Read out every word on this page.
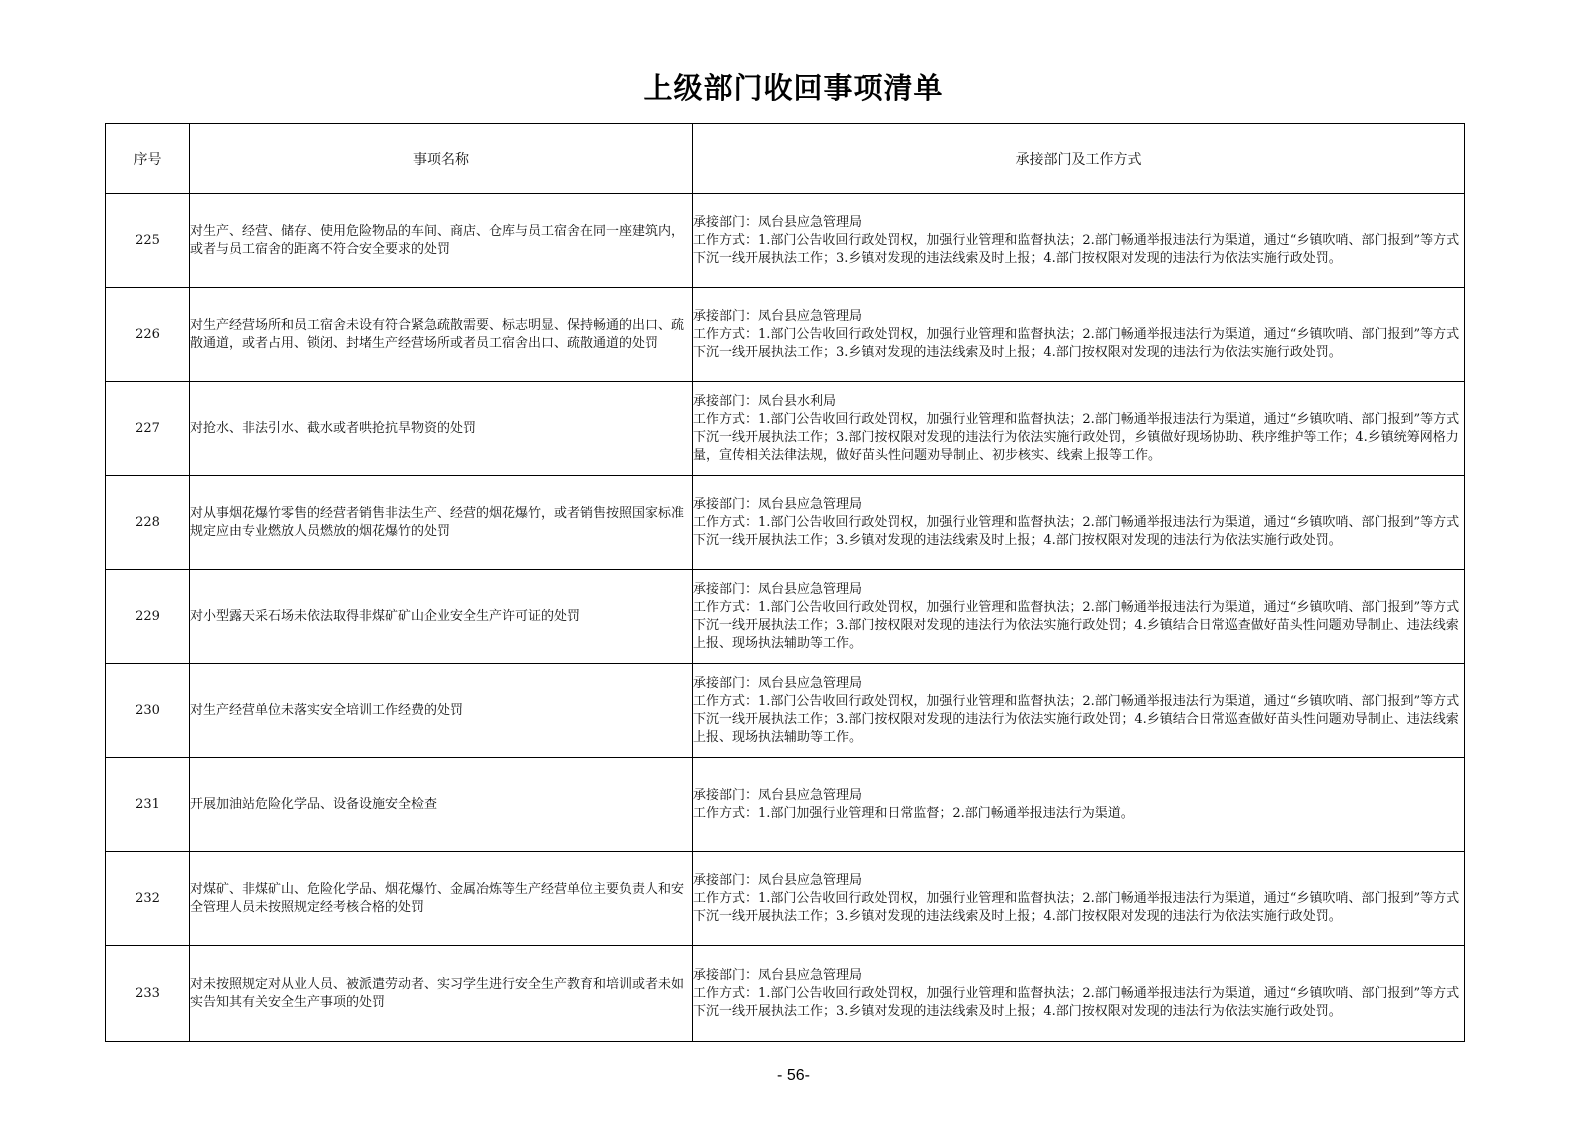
上级部门收回事项清单
序号	事项名称	承接部门及工作方式
225	对生产、经营、储存、使用危险物品的车间、商店、仓库与员工宿舍在同一座建筑内，或者与员工宿舍的距离不符合安全要求的处罚	承接部门：凤台县应急管理局
工作方式：1.部门公告收回行政处罚权，加强行业管理和监督执法；2.部门畅通举报违法行为渠道，通过“乡镇吹哨、部门报到”等方式下沉一线开展执法工作；3.乡镇对发现的违法线索及时上报；4.部门按权限对发现的违法行为依法实施行政处罚。

226	对生产经营场所和员工宿舍未设有符合紧急疏散需要、标志明显、保持畅通的出口、疏散通道，或者占用、锁闭、封堵生产经营场所或者员工宿舍出口、疏散通道的处罚	承接部门：凤台县应急管理局
工作方式：1.部门公告收回行政处罚权，加强行业管理和监督执法；2.部门畅通举报违法行为渠道，通过“乡镇吹哨、部门报到”等方式下沉一线开展执法工作；3.乡镇对发现的违法线索及时上报；4.部门按权限对发现的违法行为依法实施行政处罚。

227	对抢水、非法引水、截水或者哄抢抗旱物资的处罚	承接部门：凤台县水利局
工作方式：1.部门公告收回行政处罚权，加强行业管理和监督执法；2.部门畅通举报违法行为渠道，通过“乡镇吹哨、部门报到”等方式下沉一线开展执法工作；3.部门按权限对发现的违法行为依法实施行政处罚，乡镇做好现场协助、秩序维护等工作；4.乡镇统筹网格力量，宣传相关法律法规，做好苗头性问题劝导制止、初步核实、线索上报等工作。

228	对从事烟花爆竹零售的经营者销售非法生产、经营的烟花爆竹，或者销售按照国家标准规定应由专业燃放人员燃放的烟花爆竹的处罚	承接部门：凤台县应急管理局
工作方式：1.部门公告收回行政处罚权，加强行业管理和监督执法；2.部门畅通举报违法行为渠道，通过“乡镇吹哨、部门报到”等方式下沉一线开展执法工作；3.乡镇对发现的违法线索及时上报；4.部门按权限对发现的违法行为依法实施行政处罚。

229	对小型露天采石场未依法取得非煤矿矿山企业安全生产许可证的处罚	承接部门：凤台县应急管理局
工作方式：1.部门公告收回行政处罚权，加强行业管理和监督执法；2.部门畅通举报违法行为渠道，通过“乡镇吹哨、部门报到”等方式下沉一线开展执法工作；3.部门按权限对发现的违法行为依法实施行政处罚；4.乡镇结合日常巡查做好苗头性问题劝导制止、违法线索上报、现场执法辅助等工作。

230	对生产经营单位未落实安全培训工作经费的处罚	承接部门：凤台县应急管理局
工作方式：1.部门公告收回行政处罚权，加强行业管理和监督执法；2.部门畅通举报违法行为渠道，通过“乡镇吹哨、部门报到”等方式下沉一线开展执法工作；3.部门按权限对发现的违法行为依法实施行政处罚；4.乡镇结合日常巡查做好苗头性问题劝导制止、违法线索上报、现场执法辅助等工作。

231	开展加油站危险化学品、设备设施安全检查	承接部门：凤台县应急管理局
工作方式：1.部门加强行业管理和日常监督；2.部门畅通举报违法行为渠道。

232	对煤矿、非煤矿山、危险化学品、烟花爆竹、金属冶炼等生产经营单位主要负责人和安全管理人员未按照规定经考核合格的处罚	承接部门：凤台县应急管理局
工作方式：1.部门公告收回行政处罚权，加强行业管理和监督执法；2.部门畅通举报违法行为渠道，通过“乡镇吹哨、部门报到”等方式下沉一线开展执法工作；3.乡镇对发现的违法线索及时上报；4.部门按权限对发现的违法行为依法实施行政处罚。

233	对未按照规定对从业人员、被派遣劳动者、实习学生进行安全生产教育和培训或者未如实告知其有关安全生产事项的处罚	承接部门：凤台县应急管理局
工作方式：1.部门公告收回行政处罚权，加强行业管理和监督执法；2.部门畅通举报违法行为渠道，通过“乡镇吹哨、部门报到”等方式下沉一线开展执法工作；3.乡镇对发现的违法线索及时上报；4.部门按权限对发现的违法行为依法实施行政处罚。
- 56-
